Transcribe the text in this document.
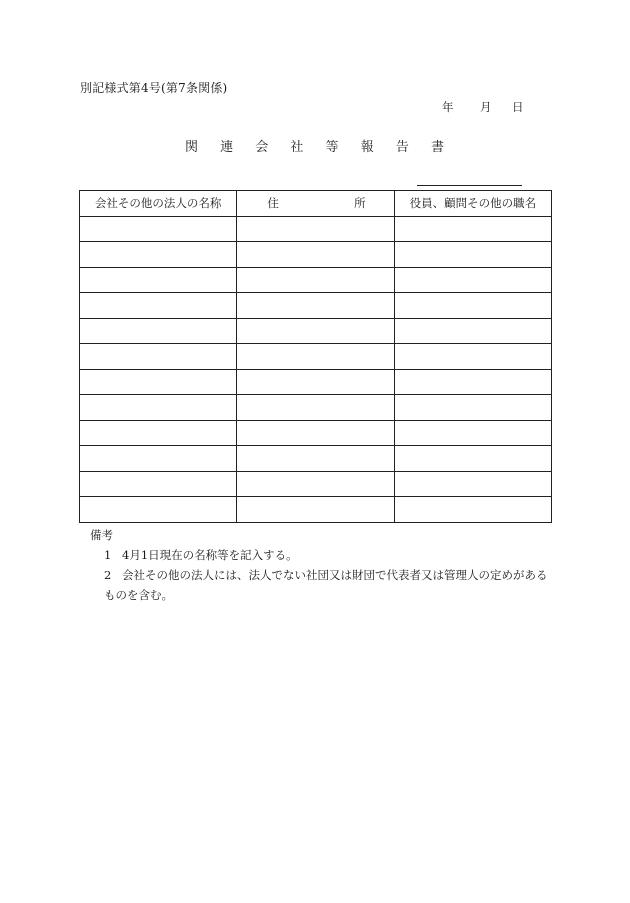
別記様式第4号(第7条関係)
年 月 日
関 連 会 社 等 報 告 書
会社その他の法人の名称	住 所	役員、顧問その他の職名

備考
1 4月1日現在の名称等を記入する。
2 会社その他の法人には、法人でない社団又は財団で代表者又は管理人の定めがある
ものを含む。
